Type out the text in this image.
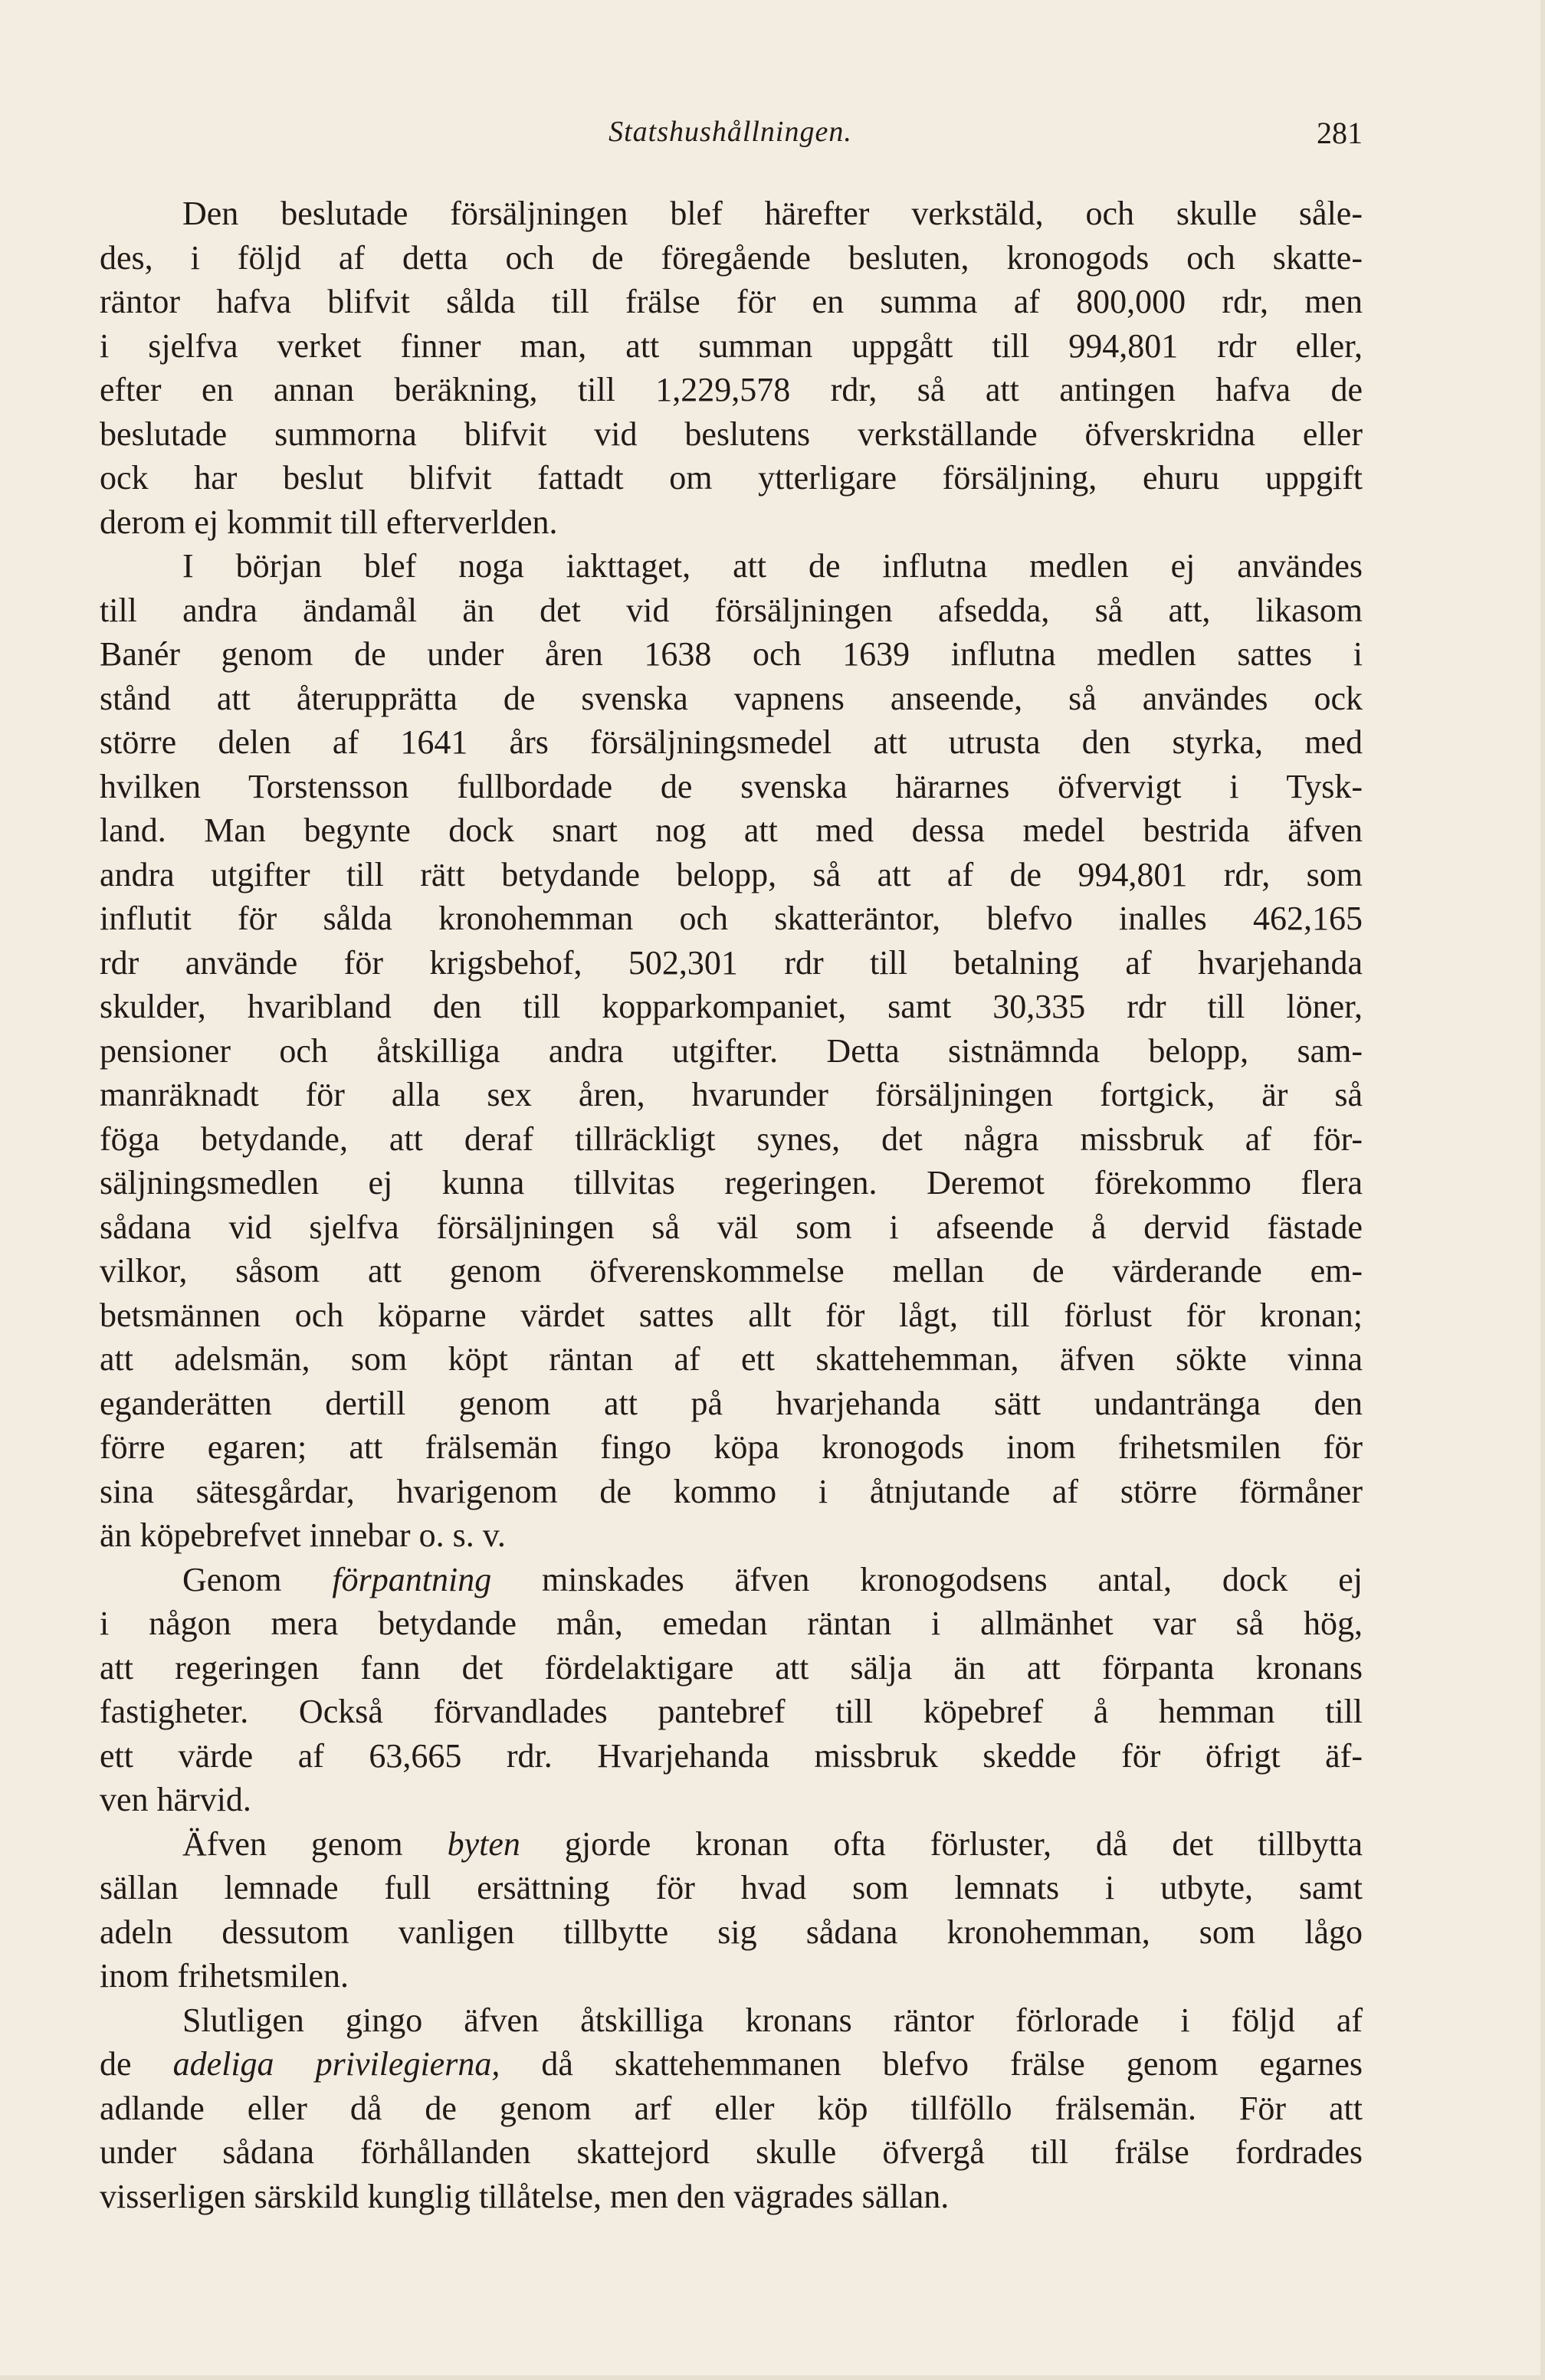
Statshushållningen.	281
Den beslutade försäljningen blef härefter verkstäld, och skulle såle-
des, i följd af detta och de föregående besluten, kronogods och skatte-
räntor hafva blifvit sålda till frälse för en summa af 800,000 rdr, men
i sjelfva verket finner man, att summan uppgått till 994,801 rdr eller,
efter en annan beräkning, till 1,229,578 rdr, så att antingen hafva de
beslutade summorna blifvit vid beslutens verkställande öfverskridna eller
ock har beslut blifvit fattadt om ytterligare försäljning, ehuru uppgift
derom ej kommit till efterverlden.
I början blef noga iakttaget, att de influtna medlen ej användes
till andra ändamål än det vid försäljningen afsedda, så att, likasom
Banér genom de under åren 1638 och 1639 influtna medlen sattes i
stånd att återupprätta de svenska vapnens anseende, så användes ock
större delen af 1641 års försäljningsmedel att utrusta den styrka, med
hvilken Torstensson fullbordade de svenska härarnes öfvervigt i Tysk-
land. Man begynte dock snart nog att med dessa medel bestrida äfven
andra utgifter till rätt betydande belopp, så att af de 994,801 rdr, som
influtit för sålda kronohemman och skatteräntor, blefvo inalles 462,165
rdr använde för krigsbehof, 502,301 rdr till betalning af hvarjehanda
skulder, hvaribland den till kopparkompaniet, samt 30,335 rdr till löner,
pensioner och åtskilliga andra utgifter. Detta sistnämnda belopp, sam-
manräknadt för alla sex åren, hvarunder försäljningen fortgick, är så
föga betydande, att deraf tillräckligt synes, det några missbruk af för-
säljningsmedlen ej kunna tillvitas regeringen. Deremot förekommo flera
sådana vid sjelfva försäljningen så väl som i afseende å dervid fästade
vilkor, såsom att genom öfverenskommelse mellan de värderande em-
betsmännen och köparne värdet sattes allt för lågt, till förlust för kronan;
att adelsmän, som köpt räntan af ett skattehemman, äfven sökte vinna
eganderätten dertill genom att på hvarjehanda sätt undantränga den
förre egaren; att frälsemän fingo köpa kronogods inom frihetsmilen för
sina sätesgårdar, hvarigenom de kommo i åtnjutande af större förmåner
än köpebrefvet innebar o. s. v.
Genom förpantning minskades äfven kronogodsens antal, dock ej
i någon mera betydande mån, emedan räntan i allmänhet var så hög,
att regeringen fann det fördelaktigare att sälja än att förpanta kronans
fastigheter. Också förvandlades pantebref till köpebref å hemman till
ett värde af 63,665 rdr. Hvarjehanda missbruk skedde för öfrigt äf-
ven härvid.
Äfven genom byten gjorde kronan ofta förluster, då det tillbytta
sällan lemnade full ersättning för hvad som lemnats i utbyte, samt
adeln dessutom vanligen tillbytte sig sådana kronohemman, som lågo
inom frihetsmilen.
Slutligen gingo äfven åtskilliga kronans räntor förlorade i följd af
de adeliga privilegierna, då skattehemmanen blefvo frälse genom egarnes
adlande eller då de genom arf eller köp tillföllo frälsemän. För att
under sådana förhållanden skattejord skulle öfvergå till frälse fordrades
visserligen särskild kunglig tillåtelse, men den vägrades sällan.
